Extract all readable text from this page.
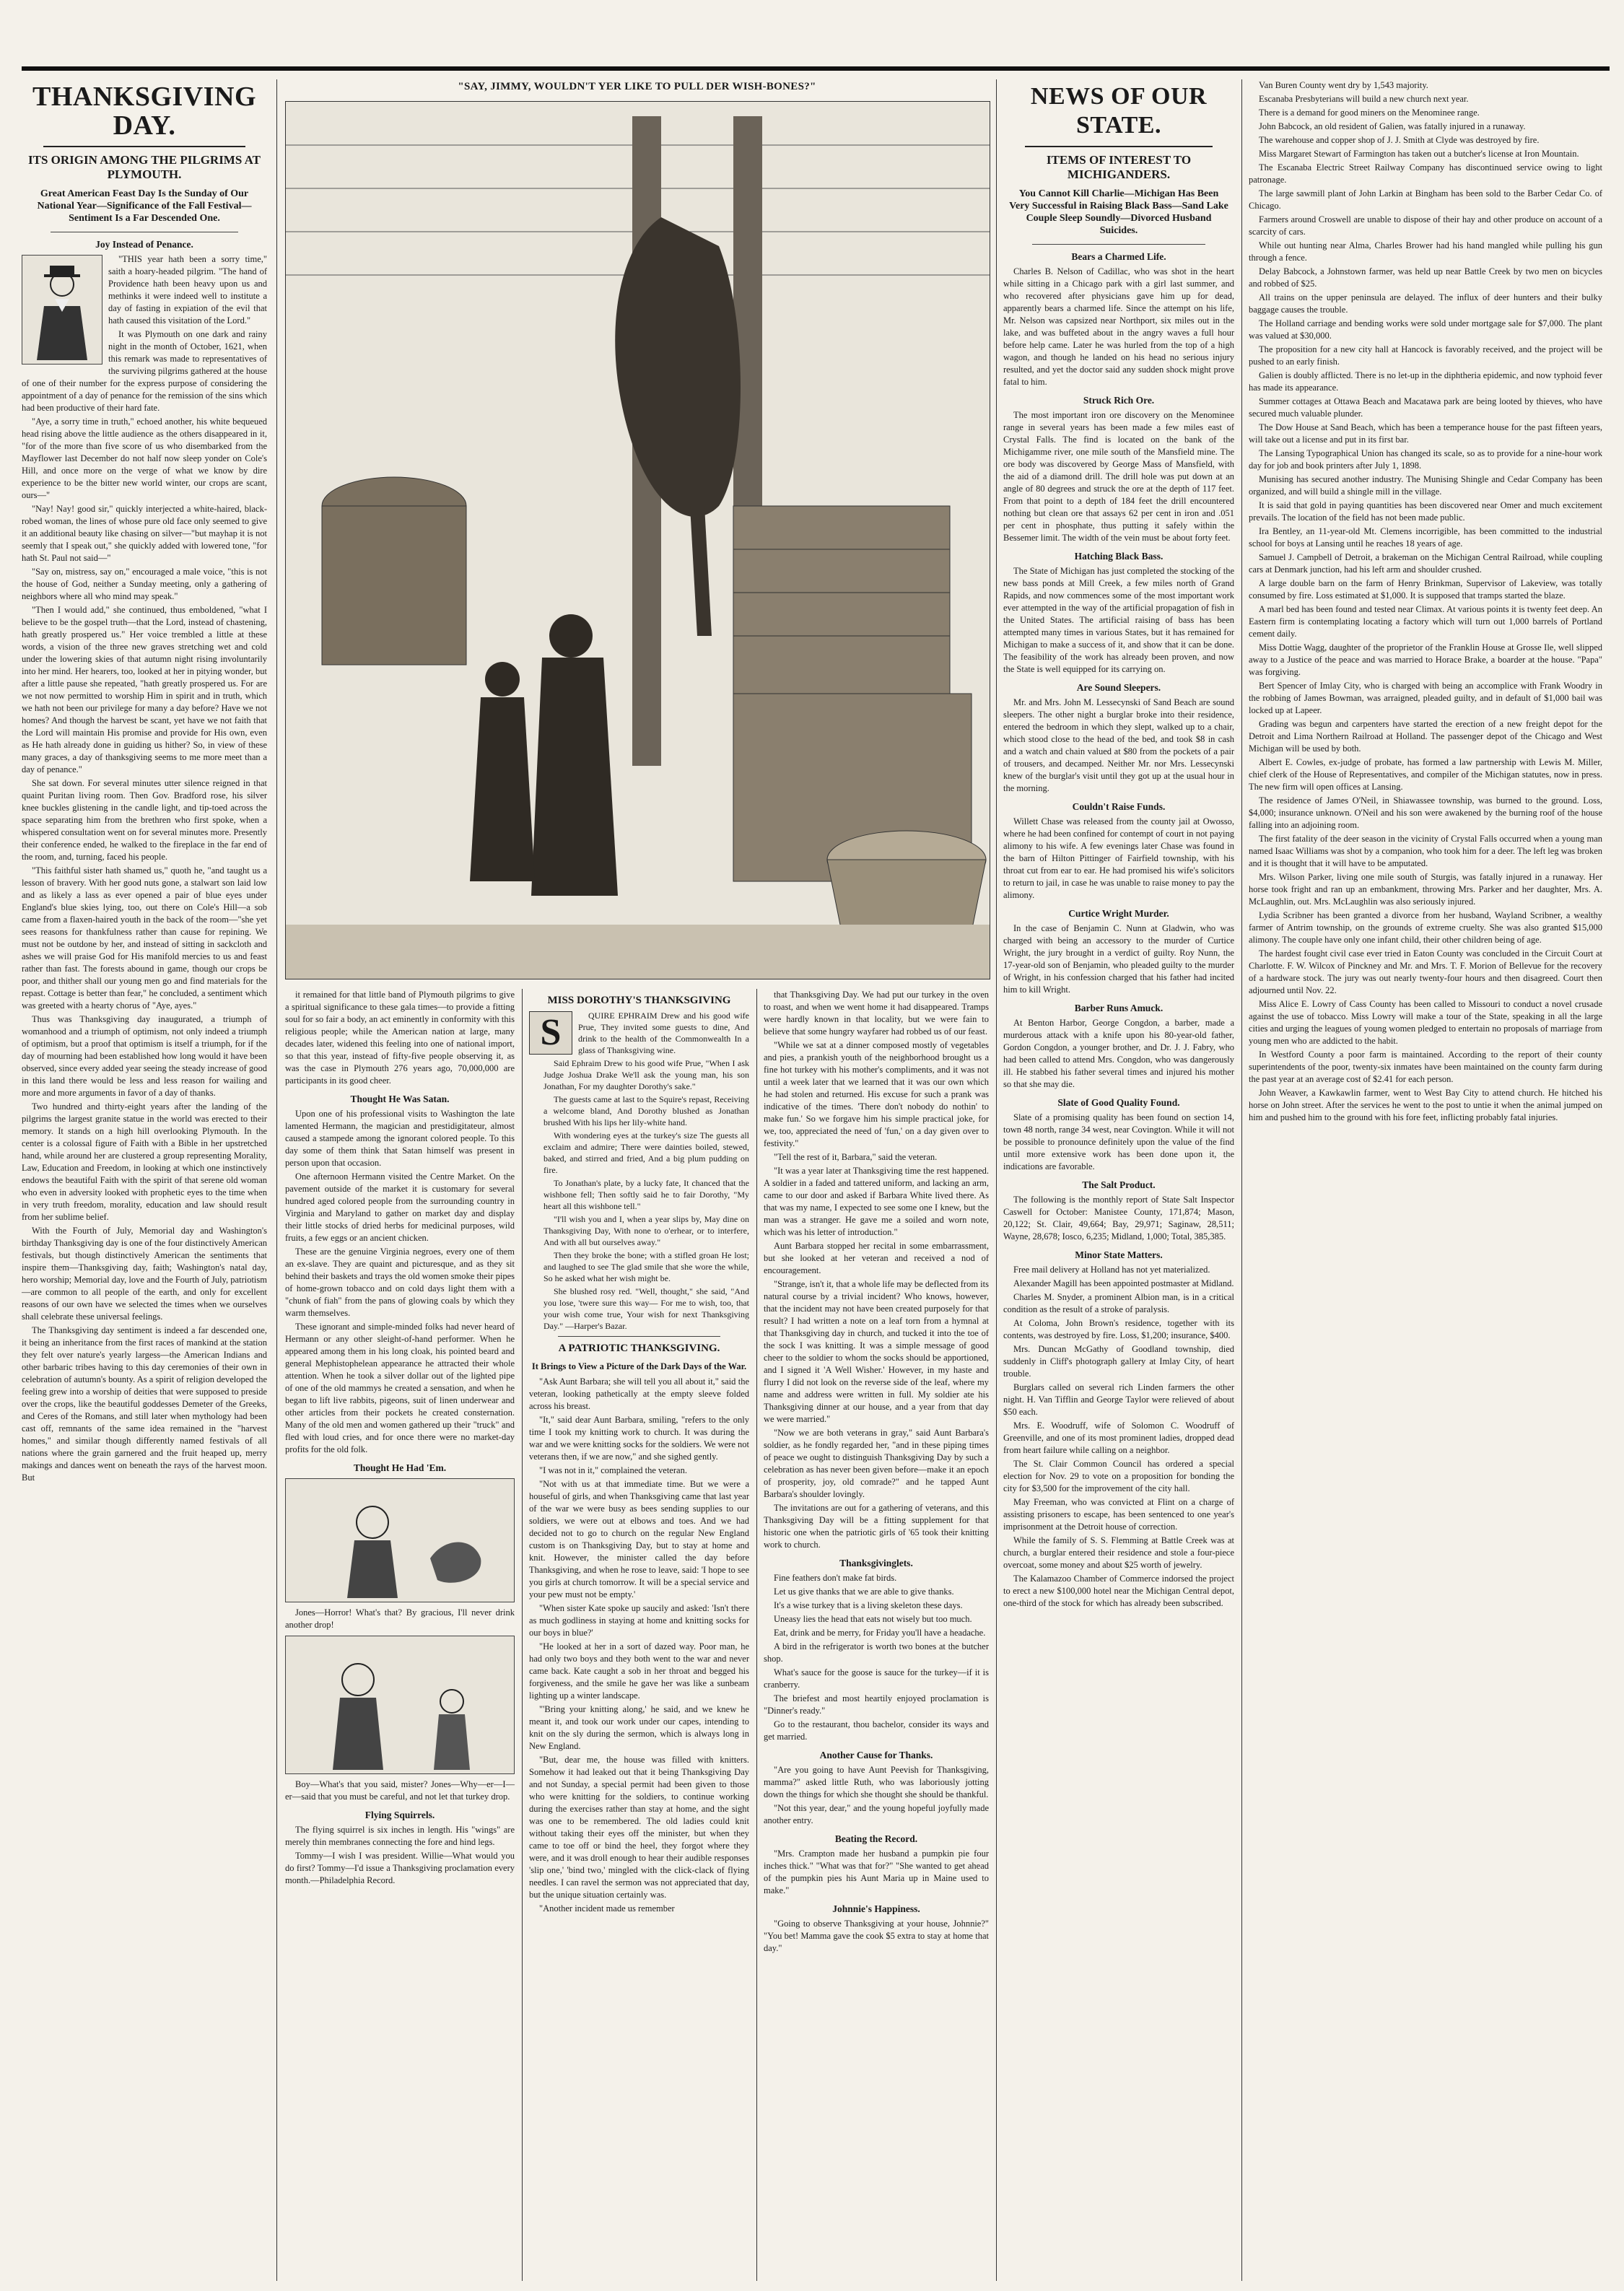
THANKSGIVING DAY.
ITS ORIGIN AMONG THE PILGRIMS AT PLYMOUTH.
Great American Feast Day Is the Sunday of Our National Year—Significance of the Fall Festival—Sentiment Is a Far Descended One.
Joy Instead of Penance.

"THIS year hath been a sorry time," saith a hoary-headed pilgrim. "The hand of Providence hath been heavy upon us and methinks it were indeed well to institute a day of fasting in expiation of the evil that hath caused this visitation of the Lord."

It was Plymouth on one dark and rainy night in the month of October, 1621, when this remark was made to representatives of the surviving pilgrims gathered at the house of one of their number for the express purpose of considering the appointment of a day of penance for the remission of the sins which had been productive of their hard fate.

"Aye, a sorry time in truth," echoed another, his white bequeued head rising above the little audience as the others disappeared in it, "for of the more than five score of us who disembarked from the Mayflower last December do not half now sleep yonder on Cole's Hill, and once more on the verge of what we know by dire experience to be the bitter new world winter, our crops are scant, ours—"

"Nay! Nay! good sir," quickly interjected a white-haired, black-robed woman, the lines of whose pure old face only seemed to give it an additional beauty like chasing on silver—"but mayhap it is not seemly that I speak out," she quickly added with lowered tone, "for hath St. Paul not said—"

"Say on, mistress, say on," encouraged a male voice, "this is not the house of God, neither a Sunday meeting, only a gathering of neighbors where all who mind may speak."

"Then I would add," she continued, thus emboldened, "what I believe to be the gospel truth—that the Lord, instead of chastening, hath greatly prospered us." Her voice trembled a little at these words, a vision of the three new graves stretching wet and cold under the lowering skies of that autumn night rising involuntarily into her mind. Her hearers, too, looked at her in pitying wonder, but after a little pause she repeated, "hath greatly prospered us. For are we not now permitted to worship Him in spirit and in truth, which we hath not been our privilege for many a day before? Have we not homes? And though the harvest be scant, yet have we not faith that the Lord will maintain His promise and provide for His own, even as He hath already done in guiding us hither? So, in view of these many graces, a day of thanksgiving seems to me more meet than a day of penance."

She sat down. For several minutes utter silence reigned in that quaint Puritan living room. Then Gov. Bradford rose, his silver knee buckles glistening in the candle light, and tip-toed across the space separating him from the brethren who first spoke, when a whispered consultation went on for several minutes more. Presently their conference ended, he walked to the fireplace in the far end of the room, and, turning, faced his people.

"This faithful sister hath shamed us," quoth he, "and taught us a lesson of bravery. With her good nuts gone, a stalwart son laid low and as likely a lass as ever opened a pair of blue eyes under England's blue skies lying, too, out there on Cole's Hill—a sob came from a flaxen-haired youth in the back of the room—"she yet sees reasons for thankfulness rather than cause for repining. We must not be outdone by her, and instead of sitting in sackcloth and ashes we will praise God for His manifold mercies to us and feast rather than fast. The forests abound in game, though our crops be poor, and thither shall our young men go and find materials for the repast. Cottage is better than fear," he concluded, a sentiment which was greeted with a hearty chorus of "Aye, ayes."

Thus was Thanksgiving day inaugurated, a triumph of womanhood and a triumph of optimism, not only indeed a triumph of optimism, but a proof that optimism is itself a triumph, for if the day of mourning had been established how long would it have been observed, since every added year seeing the steady increase of good in this land there would be less and less reason for wailing and more and more arguments in favor of a day of thanks.

Two hundred and thirty-eight years after the landing of the pilgrims the largest granite statue in the world was erected to their memory. It stands on a high hill overlooking Plymouth. In the center is a colossal figure of Faith with a Bible in her upstretched hand, while around her are clustered a group representing Morality, Law, Education and Freedom, in looking at which one instinctively endows the beautiful Faith with the spirit of that serene old woman who even in adversity looked with prophetic eyes to the time when in very truth freedom, morality, education and law should result from her sublime belief.

With the Fourth of July, Memorial day and Washington's birthday Thanksgiving day is one of the four distinctively American festivals, but though distinctively American the sentiments that inspire them—Thanksgiving day, faith; Washington's natal day, hero worship; Memorial day, love and the Fourth of July, patriotism—are common to all people of the earth, and only for excellent reasons of our own have we selected the times when we ourselves shall celebrate these universal feelings.

The Thanksgiving day sentiment is indeed a far descended one, it being an inheritance from the first races of mankind at the station they felt over nature's yearly largess—the American Indians and other barbaric tribes having to this day ceremonies of their own in celebration of autumn's bounty. As a spirit of religion developed the feeling grew into a worship of deities that were supposed to preside over the crops, like the beautiful goddesses Demeter of the Greeks, and Ceres of the Romans, and still later when mythology had been cast off, remnants of the same idea remained in the "harvest homes," and similar though differently named festivals of all nations where the grain garnered and the fruit heaped up, merry makings and dances went on beneath the rays of the harvest moon. But

"SAY, JIMMY, WOULDN'T YER LIKE TO PULL DER WISH-BONES?"

it remained for that little band of Plymouth pilgrims to give a spiritual significance to these gala times—to provide a fitting soul for so fair a body, an act eminently in conformity with this religious people; while the American nation at large, many decades later, widened this feeling into one of national import, so that this year, instead of fifty-five people observing it, as was the case in Plymouth 276 years ago, 70,000,000 are participants in its good cheer.

Thought He Was Satan.

Upon one of his professional visits to Washington the late lamented Hermann, the magician and prestidigitateur, almost caused a stampede among the ignorant colored people. To this day some of them think that Satan himself was present in person upon that occasion.

One afternoon Hermann visited the Centre Market. On the pavement outside of the market it is customary for several hundred aged colored people from the surrounding country in Virginia and Maryland to gather on market day and display their little stocks of dried herbs for medicinal purposes, wild fruits, a few eggs or an ancient chicken.

These are the genuine Virginia negroes, every one of them an ex-slave. They are quaint and picturesque, and as they sit behind their baskets and trays the old women smoke their pipes of home-grown tobacco and on cold days light them with a "chunk of fiah" from the pans of glowing coals by which they warm themselves.

These ignorant and simple-minded folks had never heard of Hermann or any other sleight-of-hand performer. When he appeared among them in his long cloak, his pointed beard and general Mephistophelean appearance he attracted their whole attention. When he took a silver dollar out of the lighted pipe of one of the old mammys he created a sensation, and when he began to lift live rabbits, pigeons, suit of linen underwear and other articles from their pockets he created consternation. Many of the old men and women gathered up their "truck" and fled with loud cries, and for once there were no market-day profits for the old folk.

Thought He Had 'Em.

Jones—Horror! What's that? By gracious, I'll never drink another drop!

Boy—What's that you said, mister? Jones—Why—er—I—er—said that you must be careful, and not let that turkey drop.

Flying Squirrels.

The flying squirrel is six inches in length. His "wings" are merely thin membranes connecting the fore and hind legs.

Tommy—I wish I was president. Willie—What would you do first? Tommy—I'd issue a Thanksgiving proclamation every month.—Philadelphia Record.

MISS DOROTHY'S THANKSGIVING
S	QUIRE EPHRAIM Drew and his good wife Prue, They invited some guests to dine, And drink to the health of the Commonwealth In a glass of Thanksgiving wine.

Said Ephraim Drew to his good wife Prue, "When I ask Judge Joshua Drake We'll ask the young man, his son Jonathan, For my daughter Dorothy's sake."

The guests came at last to the Squire's repast, Receiving a welcome bland, And Dorothy blushed as Jonathan brushed With his lips her lily-white hand.

With wondering eyes at the turkey's size The guests all exclaim and admire; There were dainties boiled, stewed, baked, and stirred and fried, And a big plum pudding on fire.

To Jonathan's plate, by a lucky fate, It chanced that the wishbone fell; Then softly said he to fair Dorothy, "My heart all this wishbone tell."

"I'll wish you and I, when a year slips by, May dine on Thanksgiving Day, With none to o'erhear, or to interfere, And with all but ourselves away."

Then they broke the bone; with a stifled groan He lost; and laughed to see The glad smile that she wore the while, So he asked what her wish might be.

She blushed rosy red. "Well, thought," she said, "And you lose, 'twere sure this way— For me to wish, too, that your wish come true, Your wish for next Thanksgiving Day." —Harper's Bazar.

A PATRIOTIC THANKSGIVING.
It Brings to View a Picture of the Dark Days of the War.

"Ask Aunt Barbara; she will tell you all about it," said the veteran, looking pathetically at the empty sleeve folded across his breast.

"It," said dear Aunt Barbara, smiling, "refers to the only time I took my knitting work to church. It was during the war and we were knitting socks for the soldiers. We were not veterans then, if we are now," and she sighed gently.

"I was not in it," complained the veteran.

"Not with us at that immediate time. But we were a houseful of girls, and when Thanksgiving came that last year of the war we were busy as bees sending supplies to our soldiers, we were out at elbows and toes. And we had decided not to go to church on the regular New England custom is on Thanksgiving Day, but to stay at home and knit. However, the minister called the day before Thanksgiving, and when he rose to leave, said: 'I hope to see you girls at church tomorrow. It will be a special service and your pew must not be empty.'

"When sister Kate spoke up saucily and asked: 'Isn't there as much godliness in staying at home and knitting socks for our boys in blue?'

"He looked at her in a sort of dazed way. Poor man, he had only two boys and they both went to the war and never came back. Kate caught a sob in her throat and begged his forgiveness, and the smile he gave her was like a sunbeam lighting up a winter landscape.

"'Bring your knitting along,' he said, and we knew he meant it, and took our work under our capes, intending to knit on the sly during the sermon, which is always long in New England.

"But, dear me, the house was filled with knitters. Somehow it had leaked out that it being Thanksgiving Day and not Sunday, a special permit had been given to those who were knitting for the soldiers, to continue working during the exercises rather than stay at home, and the sight was one to be remembered. The old ladies could knit without taking their eyes off the minister, but when they came to toe off or bind the heel, they forgot where they were, and it was droll enough to hear their audible responses 'slip one,' 'bind two,' mingled with the click-clack of flying needles. I can ravel the sermon was not appreciated that day, but the unique situation certainly was.

"Another incident made us remember

that Thanksgiving Day. We had put our turkey in the oven to roast, and when we went home it had disappeared. Tramps were hardly known in that locality, but we were fain to believe that some hungry wayfarer had robbed us of our feast.

"While we sat at a dinner composed mostly of vegetables and pies, a prankish youth of the neighborhood brought us a fine hot turkey with his mother's compliments, and it was not until a week later that we learned that it was our own which he had stolen and returned. His excuse for such a prank was indicative of the times. 'There don't nobody do nothin' to make fun.' So we forgave him his simple practical joke, for we, too, appreciated the need of 'fun,' on a day given over to festivity."

"Tell the rest of it, Barbara," said the veteran.

"It was a year later at Thanksgiving time the rest happened. A soldier in a faded and tattered uniform, and lacking an arm, came to our door and asked if Barbara White lived there. As that was my name, I expected to see some one I knew, but the man was a stranger. He gave me a soiled and worn note, which was his letter of introduction."

Aunt Barbara stopped her recital in some embarrassment, but she looked at her veteran and received a nod of encouragement.

"Strange, isn't it, that a whole life may be deflected from its natural course by a trivial incident? Who knows, however, that the incident may not have been created purposely for that result? I had written a note on a leaf torn from a hymnal at that Thanksgiving day in church, and tucked it into the toe of the sock I was knitting. It was a simple message of good cheer to the soldier to whom the socks should be apportioned, and I signed it 'A Well Wisher.' However, in my haste and flurry I did not look on the reverse side of the leaf, where my name and address were written in full. My soldier ate his Thanksgiving dinner at our house, and a year from that day we were married."

"Now we are both veterans in gray," said Aunt Barbara's soldier, as he fondly regarded her, "and in these piping times of peace we ought to distinguish Thanksgiving Day by such a celebration as has never been given before—make it an epoch of prosperity, joy, old comrade?" and he tapped Aunt Barbara's shoulder lovingly.

The invitations are out for a gathering of veterans, and this Thanksgiving Day will be a fitting supplement for that historic one when the patriotic girls of '65 took their knitting work to church.

Thanksgivinglets.

Fine feathers don't make fat birds.

Let us give thanks that we are able to give thanks.

It's a wise turkey that is a living skeleton these days.

Uneasy lies the head that eats not wisely but too much.

Eat, drink and be merry, for Friday you'll have a headache.

A bird in the refrigerator is worth two bones at the butcher shop.

What's sauce for the goose is sauce for the turkey—if it is cranberry.

The briefest and most heartily enjoyed proclamation is "Dinner's ready."

Go to the restaurant, thou bachelor, consider its ways and get married.

Another Cause for Thanks.

"Are you going to have Aunt Peevish for Thanksgiving, mamma?" asked little Ruth, who was laboriously jotting down the things for which she thought she should be thankful.

"Not this year, dear," and the young hopeful joyfully made another entry.

Beating the Record.

"Mrs. Crampton made her husband a pumpkin pie four inches thick." "What was that for?" "She wanted to get ahead of the pumpkin pies his Aunt Maria up in Maine used to make."

Johnnie's Happiness.

"Going to observe Thanksgiving at your house, Johnnie?" "You bet! Mamma gave the cook $5 extra to stay at home that day."

NEWS OF OUR STATE.
ITEMS OF INTEREST TO MICHIGANDERS.
You Cannot Kill Charlie—Michigan Has Been Very Successful in Raising Black Bass—Sand Lake Couple Sleep Soundly—Divorced Husband Suicides.
Bears a Charmed Life.

Charles B. Nelson of Cadillac, who was shot in the heart while sitting in a Chicago park with a girl last summer, and who recovered after physicians gave him up for dead, apparently bears a charmed life. Since the attempt on his life, Mr. Nelson was capsized near Northport, six miles out in the lake, and was buffeted about in the angry waves a full hour before help came. Later he was hurled from the top of a high wagon, and though he landed on his head no serious injury resulted, and yet the doctor said any sudden shock might prove fatal to him.

Struck Rich Ore.

The most important iron ore discovery on the Menominee range in several years has been made a few miles east of Crystal Falls. The find is located on the bank of the Michigamme river, one mile south of the Mansfield mine. The ore body was discovered by George Mass of Mansfield, with the aid of a diamond drill. The drill hole was put down at an angle of 80 degrees and struck the ore at the depth of 117 feet. From that point to a depth of 184 feet the drill encountered nothing but clean ore that assays 62 per cent in iron and .051 per cent in phosphate, thus putting it safely within the Bessemer limit. The width of the vein must be about forty feet.

Hatching Black Bass.

The State of Michigan has just completed the stocking of the new bass ponds at Mill Creek, a few miles north of Grand Rapids, and now commences some of the most important work ever attempted in the way of the artificial propagation of fish in the United States. The artificial raising of bass has been attempted many times in various States, but it has remained for Michigan to make a success of it, and show that it can be done. The feasibility of the work has already been proven, and now the State is well equipped for its carrying on.

Are Sound Sleepers.

Mr. and Mrs. John M. Lessecynski of Sand Beach are sound sleepers. The other night a burglar broke into their residence, entered the bedroom in which they slept, walked up to a chair, which stood close to the head of the bed, and took $8 in cash and a watch and chain valued at $80 from the pockets of a pair of trousers, and decamped. Neither Mr. nor Mrs. Lessecynski knew of the burglar's visit until they got up at the usual hour in the morning.

Couldn't Raise Funds.

Willett Chase was released from the county jail at Owosso, where he had been confined for contempt of court in not paying alimony to his wife. A few evenings later Chase was found in the barn of Hilton Pittinger of Fairfield township, with his throat cut from ear to ear. He had promised his wife's solicitors to return to jail, in case he was unable to raise money to pay the alimony.

Curtice Wright Murder.

In the case of Benjamin C. Nunn at Gladwin, who was charged with being an accessory to the murder of Curtice Wright, the jury brought in a verdict of guilty. Roy Nunn, the 17-year-old son of Benjamin, who pleaded guilty to the murder of Wright, in his confession charged that his father had incited him to kill Wright.

Barber Runs Amuck.

At Benton Harbor, George Congdon, a barber, made a murderous attack with a knife upon his 80-year-old father, Gordon Congdon, a younger brother, and Dr. J. J. Fabry, who had been called to attend Mrs. Congdon, who was dangerously ill. He stabbed his father several times and injured his mother so that she may die.

Slate of Good Quality Found.

Slate of a promising quality has been found on section 14, town 48 north, range 34 west, near Covington. While it will not be possible to pronounce definitely upon the value of the find until more extensive work has been done upon it, the indications are favorable.

The Salt Product.

The following is the monthly report of State Salt Inspector Caswell for October: Manistee County, 171,874; Mason, 20,122; St. Clair, 49,664; Bay, 29,971; Saginaw, 28,511; Wayne, 28,678; Iosco, 6,235; Midland, 1,000; Total, 385,385.

Minor State Matters.

Free mail delivery at Holland has not yet materialized.

Alexander Magill has been appointed postmaster at Midland.

Charles M. Snyder, a prominent Albion man, is in a critical condition as the result of a stroke of paralysis.

At Coloma, John Brown's residence, together with its contents, was destroyed by fire. Loss, $1,200; insurance, $400.

Mrs. Duncan McGathy of Goodland township, died suddenly in Cliff's photograph gallery at Imlay City, of heart trouble.

Burglars called on several rich Linden farmers the other night. H. Van Tifflin and George Taylor were relieved of about $50 each.

Mrs. E. Woodruff, wife of Solomon C. Woodruff of Greenville, and one of its most prominent ladies, dropped dead from heart failure while calling on a neighbor.

The St. Clair Common Council has ordered a special election for Nov. 29 to vote on a proposition for bonding the city for $3,500 for the improvement of the city hall.

May Freeman, who was convicted at Flint on a charge of assisting prisoners to escape, has been sentenced to one year's imprisonment at the Detroit house of correction.

While the family of S. S. Flemming at Battle Creek was at church, a burglar entered their residence and stole a four-piece overcoat, some money and about $25 worth of jewelry.

The Kalamazoo Chamber of Commerce indorsed the project to erect a new $100,000 hotel near the Michigan Central depot, one-third of the stock for which has already been subscribed.

Van Buren County went dry by 1,543 majority.

Escanaba Presbyterians will build a new church next year.

There is a demand for good miners on the Menominee range.

John Babcock, an old resident of Galien, was fatally injured in a runaway.

The warehouse and copper shop of J. J. Smith at Clyde was destroyed by fire.

Miss Margaret Stewart of Farmington has taken out a butcher's license at Iron Mountain.

The Escanaba Electric Street Railway Company has discontinued service owing to light patronage.

The large sawmill plant of John Larkin at Bingham has been sold to the Barber Cedar Co. of Chicago.

Farmers around Croswell are unable to dispose of their hay and other produce on account of a scarcity of cars.

While out hunting near Alma, Charles Brower had his hand mangled while pulling his gun through a fence.

Delay Babcock, a Johnstown farmer, was held up near Battle Creek by two men on bicycles and robbed of $25.

All trains on the upper peninsula are delayed. The influx of deer hunters and their bulky baggage causes the trouble.

The Holland carriage and bending works were sold under mortgage sale for $7,000. The plant was valued at $30,000.

The proposition for a new city hall at Hancock is favorably received, and the project will be pushed to an early finish.

Galien is doubly afflicted. There is no let-up in the diphtheria epidemic, and now typhoid fever has made its appearance.

Summer cottages at Ottawa Beach and Macatawa park are being looted by thieves, who have secured much valuable plunder.

The Dow House at Sand Beach, which has been a temperance house for the past fifteen years, will take out a license and put in its first bar.

The Lansing Typographical Union has changed its scale, so as to provide for a nine-hour work day for job and book printers after July 1, 1898.

Munising has secured another industry. The Munising Shingle and Cedar Company has been organized, and will build a shingle mill in the village.

It is said that gold in paying quantities has been discovered near Omer and much excitement prevails. The location of the field has not been made public.

Ira Bentley, an 11-year-old Mt. Clemens incorrigible, has been committed to the industrial school for boys at Lansing until he reaches 18 years of age.

Samuel J. Campbell of Detroit, a brakeman on the Michigan Central Railroad, while coupling cars at Denmark junction, had his left arm and shoulder crushed.

A large double barn on the farm of Henry Brinkman, Supervisor of Lakeview, was totally consumed by fire. Loss estimated at $1,000. It is supposed that tramps started the blaze.

A marl bed has been found and tested near Climax. At various points it is twenty feet deep. An Eastern firm is contemplating locating a factory which will turn out 1,000 barrels of Portland cement daily.

Miss Dottie Wagg, daughter of the proprietor of the Franklin House at Grosse Ile, well slipped away to a Justice of the peace and was married to Horace Brake, a boarder at the house. "Papa" was forgiving.

Bert Spencer of Imlay City, who is charged with being an accomplice with Frank Woodry in the robbing of James Bowman, was arraigned, pleaded guilty, and in default of $1,000 bail was locked up at Lapeer.

Grading was begun and carpenters have started the erection of a new freight depot for the Detroit and Lima Northern Railroad at Holland. The passenger depot of the Chicago and West Michigan will be used by both.

Albert E. Cowles, ex-judge of probate, has formed a law partnership with Lewis M. Miller, chief clerk of the House of Representatives, and compiler of the Michigan statutes, now in press. The new firm will open offices at Lansing.

The residence of James O'Neil, in Shiawassee township, was burned to the ground. Loss, $4,000; insurance unknown. O'Neil and his son were awakened by the burning roof of the house falling into an adjoining room.

The first fatality of the deer season in the vicinity of Crystal Falls occurred when a young man named Isaac Williams was shot by a companion, who took him for a deer. The left leg was broken and it is thought that it will have to be amputated.

Mrs. Wilson Parker, living one mile south of Sturgis, was fatally injured in a runaway. Her horse took fright and ran up an embankment, throwing Mrs. Parker and her daughter, Mrs. A. McLaughlin, out. Mrs. McLaughlin was also seriously injured.

Lydia Scribner has been granted a divorce from her husband, Wayland Scribner, a wealthy farmer of Antrim township, on the grounds of extreme cruelty. She was also granted $15,000 alimony. The couple have only one infant child, their other children being of age.

The hardest fought civil case ever tried in Eaton County was concluded in the Circuit Court at Charlotte. F. W. Wilcox of Pinckney and Mr. and Mrs. T. F. Morion of Bellevue for the recovery of a hardware stock. The jury was out nearly twenty-four hours and then disagreed. Court then adjourned until Nov. 22.

Miss Alice E. Lowry of Cass County has been called to Missouri to conduct a novel crusade against the use of tobacco. Miss Lowry will make a tour of the State, speaking in all the large cities and urging the leagues of young women pledged to entertain no proposals of marriage from young men who are addicted to the habit.

In Westford County a poor farm is maintained. According to the report of their county superintendents of the poor, twenty-six inmates have been maintained on the county farm during the past year at an average cost of $2.41 for each person.

John Weaver, a Kawkawlin farmer, went to West Bay City to attend church. He hitched his horse on John street. After the services he went to the post to untie it when the animal jumped on him and pushed him to the ground with his fore feet, inflicting probably fatal injuries.
